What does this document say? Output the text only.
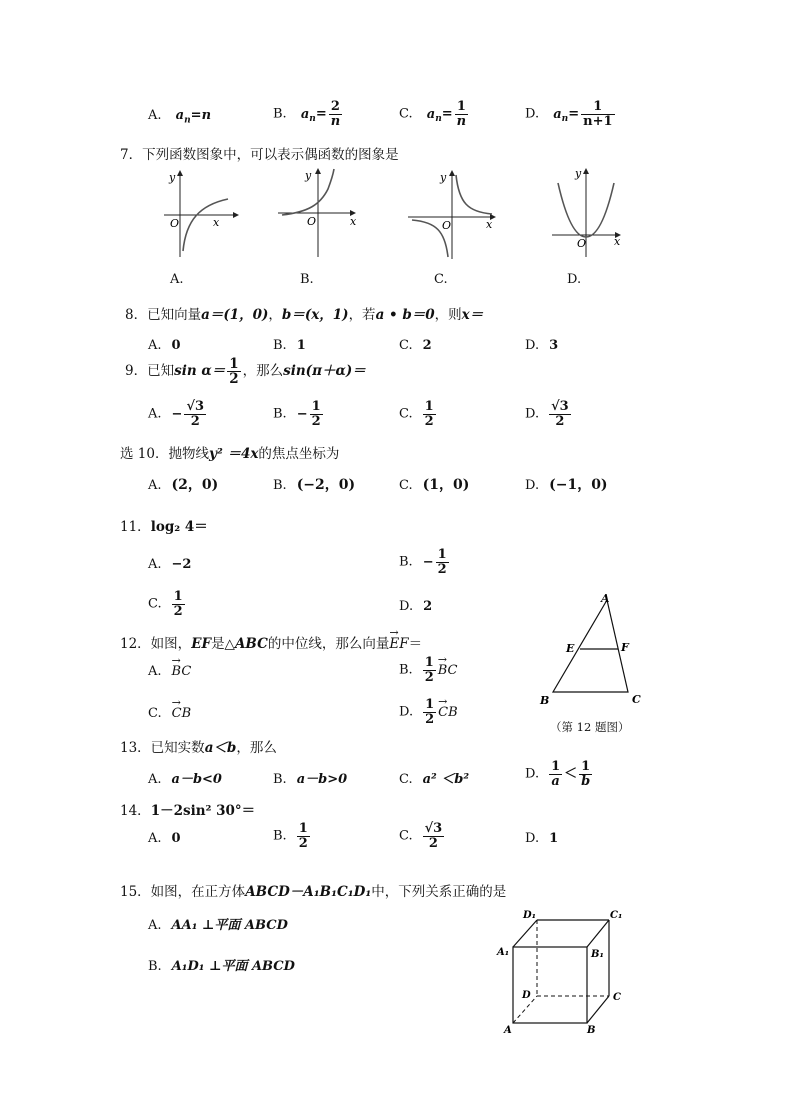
A. $a_n=n$	B. $a_n= \frac{2}{n}$	C. $a_n= \frac{1}{n}$	D. $a_n= \frac{1}{n+1}$
7．下列函数图象中，可以表示偶函数的图象是
y
O	x
y
O	x
y
O	x
y
O	x
A.	B.	C.	D.
8．已知向量a＝(1，0)，b＝(x，1)，若a • b＝0，则x＝
A. 0	B. 1	C. 2	D. 3
9．已知$\sin \alpha= \frac{1}{2}$ ，那么sin(π＋α)＝
A. − $\frac{√3}{2}$	B. − $\frac{1}{2}$	C. $\frac{1}{2}$	D. $\frac{√3}{2}$
选 10．抛物线y² ＝4x的焦点坐标为
A. (2，0)	B. (−2，0)	C. (1，0)	D. (−1，0)
11．log₂ 4＝
A. −2	B. − $\frac{1}{2}$
C. $\frac{1}{2}$	D. 2
12．如图，EF是△ABC的中位线，那么向量→ EF＝
A. → BC	B. $\frac{1}{2}$ → BC
C. → CB	D. $\frac{1}{2}$ → CB
A
E	F
B	C
（第 12 题图）
13．已知实数a＜b，那么
A. a－b<0	B. a－b>0	C. a² ＜b²	D. $\frac{1}{a} < \frac{1}{b}$
14．1－2sin² 30°＝
A. 0	B. $\frac{1}{2}$	C. $\frac{√3}{2}$	D. 1
15．如图，在正方体ABCD－A₁B₁C₁D₁中，下列关系正确的是
A. AA₁ ⊥平面 ABCD
B. A₁D₁ ⊥平面 ABCD
D₁	C₁
A₁	B₁
D	C
A	B
